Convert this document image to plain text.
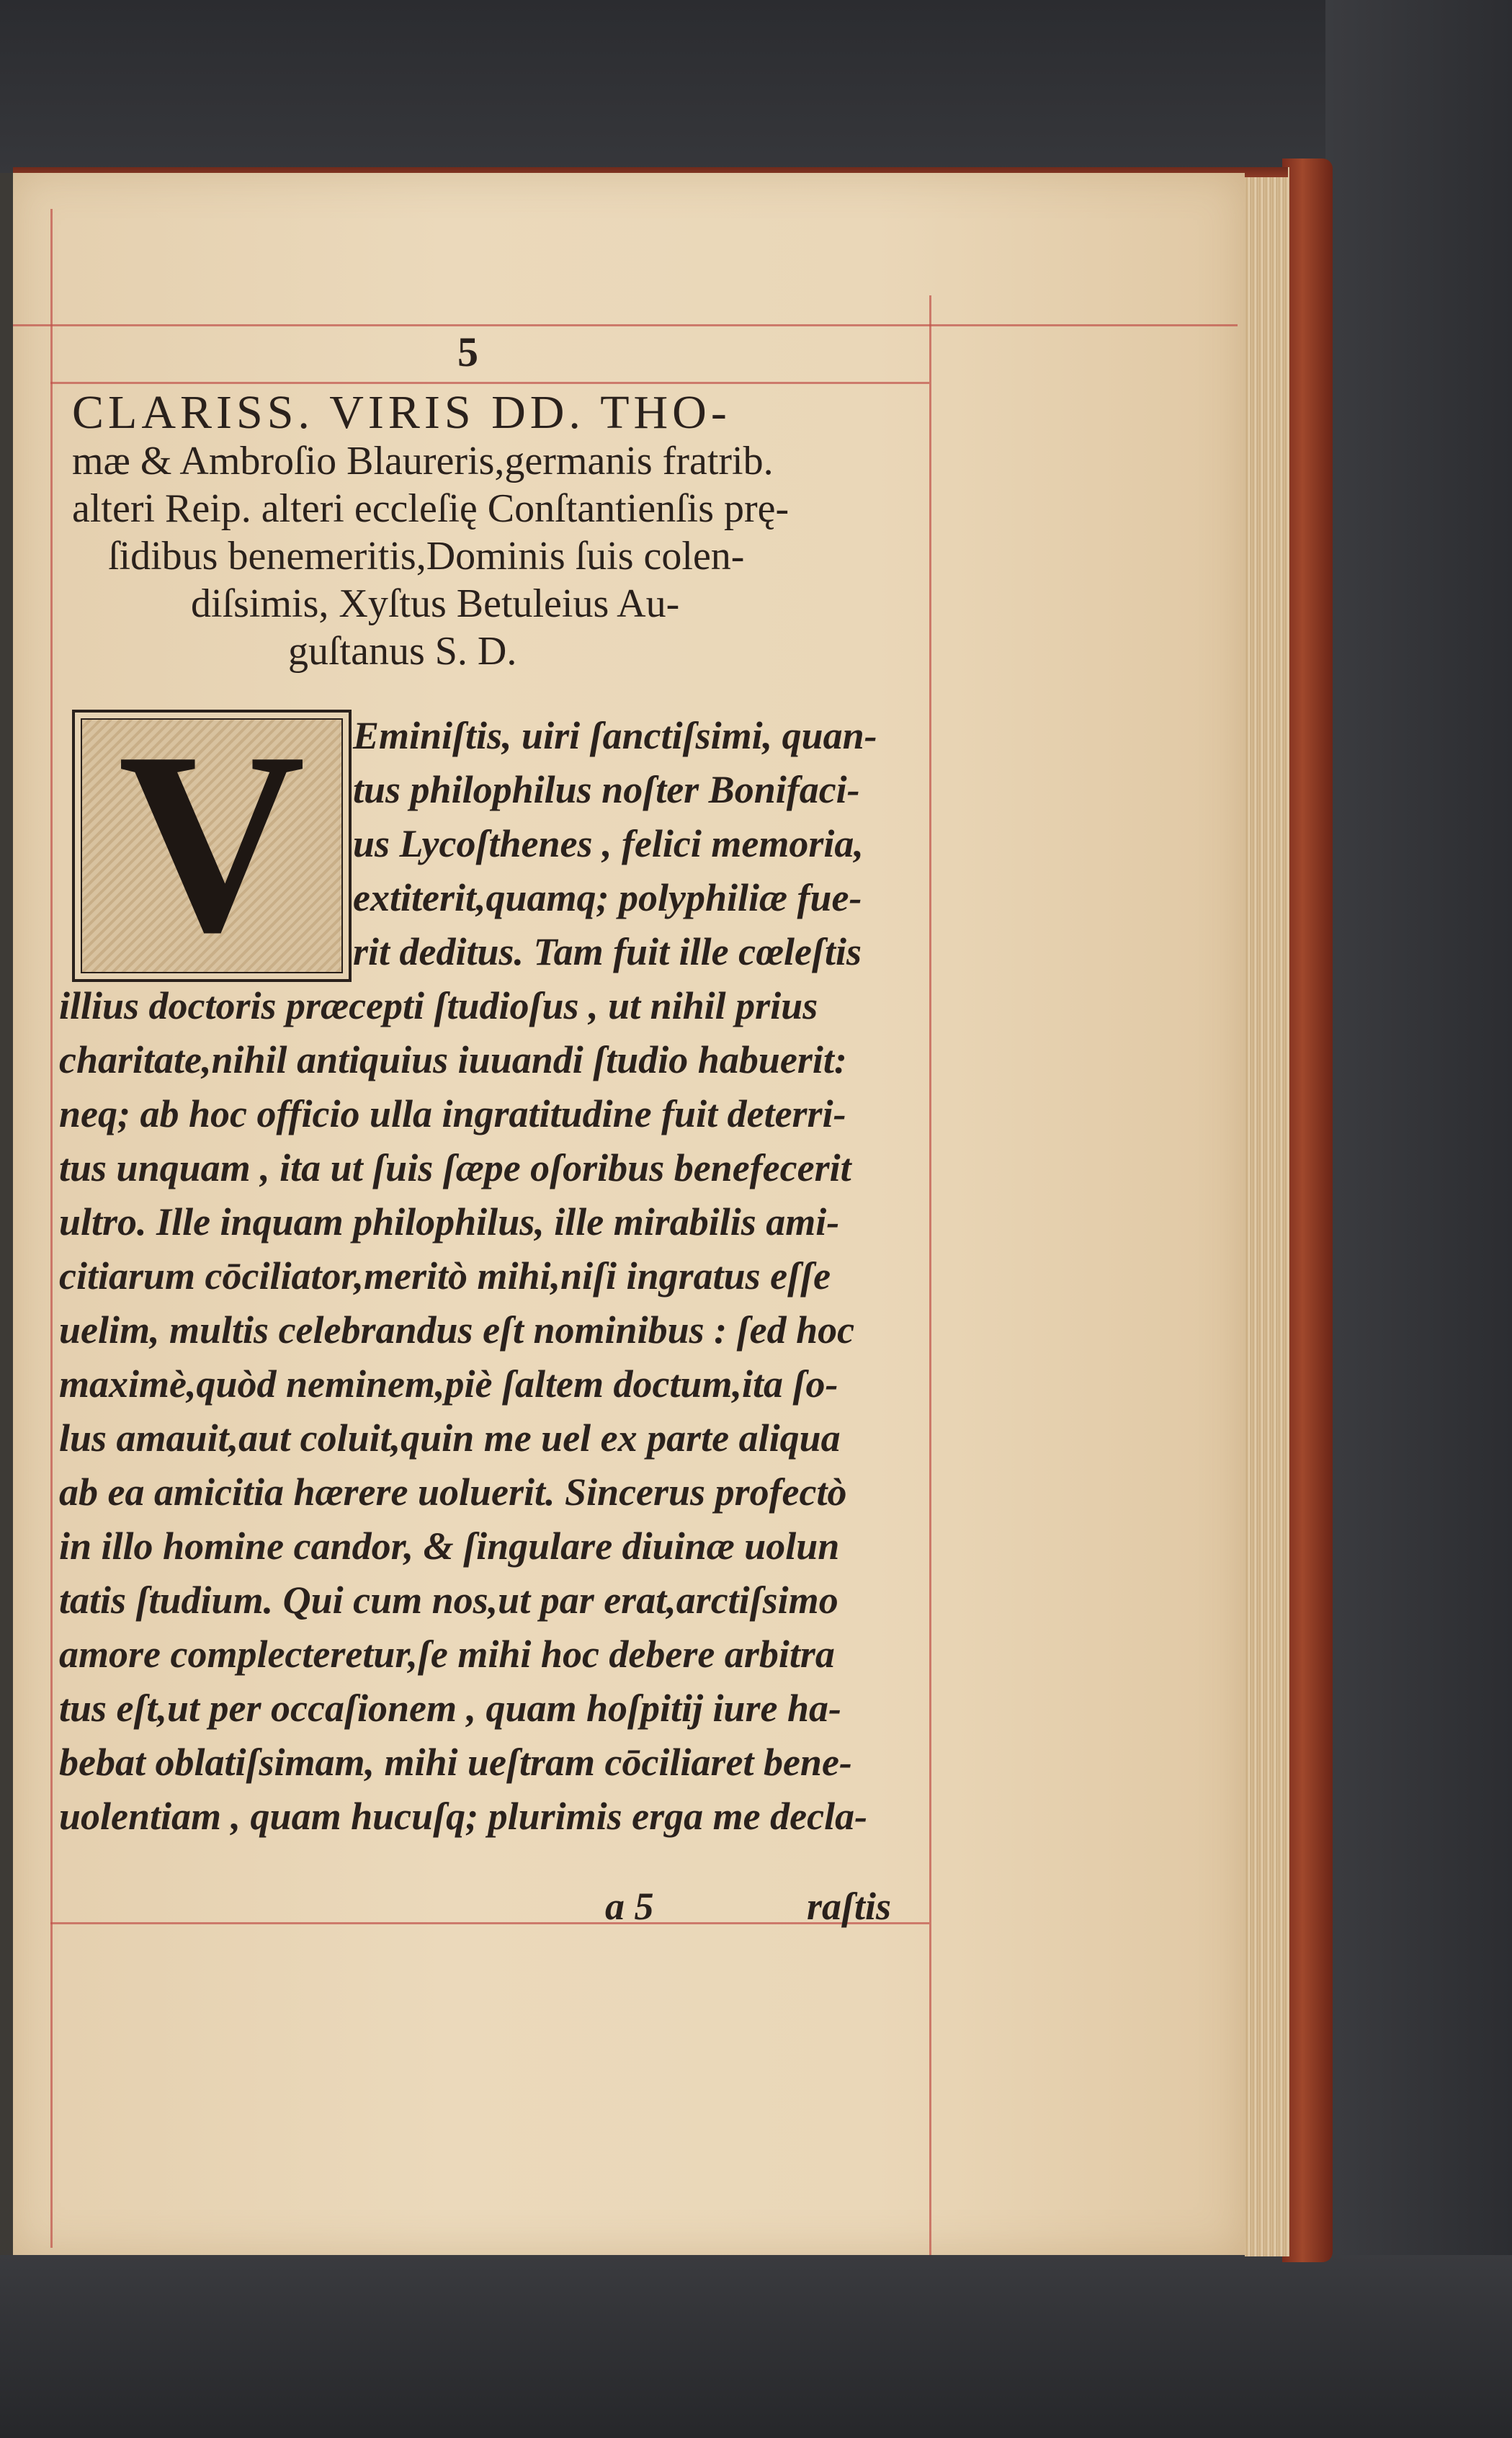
5
CLARISS. VIRIS DD. THO-
mæ & Ambroſio Blaureris,germanis fratrib.
alteri Reip. alteri eccleſię Conſtantienſis prę-
ſidibus benemeritis,Dominis ſuis colen-
diſsimis, Xyſtus Betuleius Au-
guſtanus S. D.
V	Eminiſtis, uiri ſanctiſsimi, quan-
tus philophilus noſter Bonifaci-
us Lycoſthenes , felici memoria,
extiterit,quamq; polyphiliæ fue-
rit deditus. Tam fuit ille cœleſtis
illius doctoris præcepti ſtudioſus , ut nihil prius
charitate,nihil antiquius iuuandi ſtudio habuerit:
neq; ab hoc officio ulla ingratitudine fuit deterri-
tus unquam , ita ut ſuis ſæpe oſoribus benefecerit
ultro. Ille inquam philophilus, ille mirabilis ami-
citiarum cōciliator,meritò mihi,niſi ingratus eſſe
uelim, multis celebrandus eſt nominibus : ſed hoc
maximè,quòd neminem,piè ſaltem doctum,ita ſo-
lus amauit,aut coluit,quin me uel ex parte aliqua
ab ea amicitia hærere uoluerit. Sincerus profectò
in illo homine candor, & ſingulare diuinæ uolun
tatis ſtudium. Qui cum nos,ut par erat,arctiſsimo
amore complecteretur,ſe mihi hoc debere arbitra
tus eſt,ut per occaſionem , quam hoſpitij iure ha-
bebat oblatiſsimam, mihi ueſtram cōciliaret bene-
uolentiam , quam hucuſq; plurimis erga me decla-
a 5	raſtis
